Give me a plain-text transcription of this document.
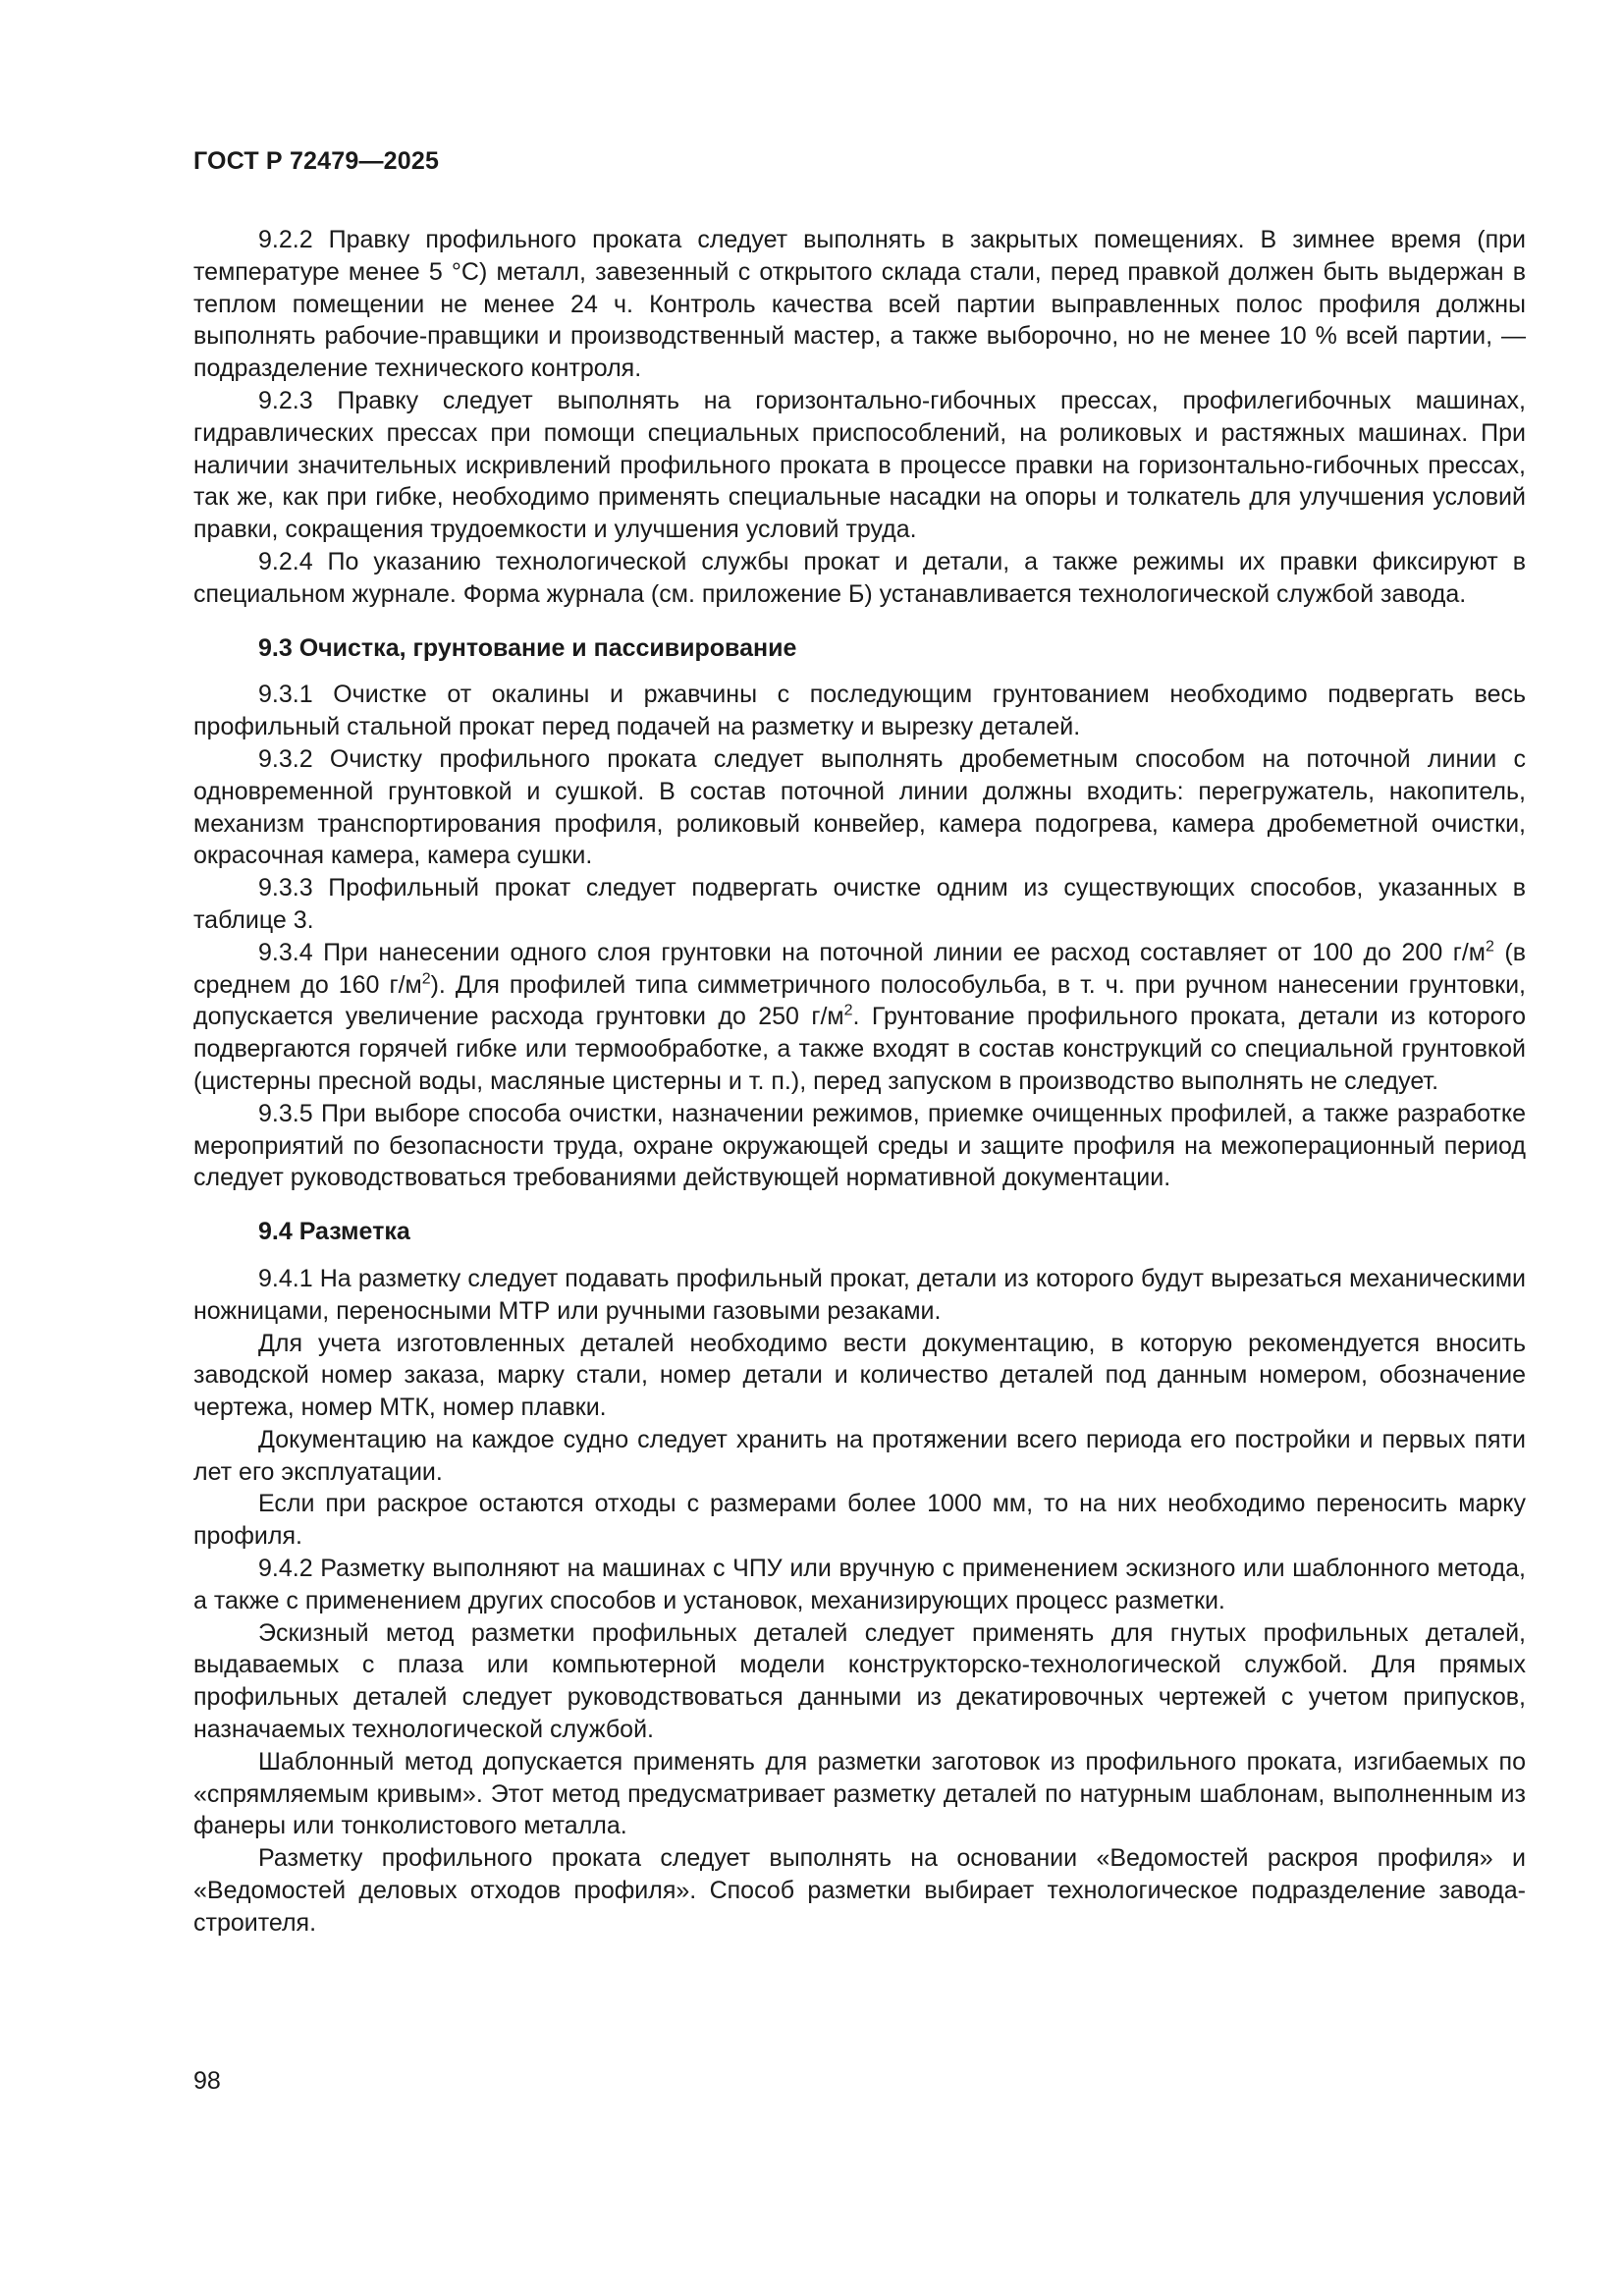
ГОСТ Р 72479—2025

9.2.2 Правку профильного проката следует выполнять в закрытых помещениях. В зимнее время (при температуре менее 5 °С) металл, завезенный с открытого склада стали, перед правкой должен быть выдержан в теплом помещении не менее 24 ч. Контроль качества всей партии выправленных полос профиля должны выполнять рабочие-правщики и производственный мастер, а также выборочно, но не менее 10 % всей партии, — подразделение технического контроля.

9.2.3 Правку следует выполнять на горизонтально-гибочных прессах, профилегибочных машинах, гидравлических прессах при помощи специальных приспособлений, на роликовых и растяжных машинах. При наличии значительных искривлений профильного проката в процессе правки на горизонтально-гибочных прессах, так же, как при гибке, необходимо применять специальные насадки на опоры и толкатель для улучшения условий правки, сокращения трудоемкости и улучшения условий труда.

9.2.4 По указанию технологической службы прокат и детали, а также режимы их правки фиксируют в специальном журнале. Форма журнала (см. приложение Б) устанавливается технологической службой завода.

9.3 Очистка, грунтование и пассивирование

9.3.1 Очистке от окалины и ржавчины с последующим грунтованием необходимо подвергать весь профильный стальной прокат перед подачей на разметку и вырезку деталей.

9.3.2 Очистку профильного проката следует выполнять дробеметным способом на поточной линии с одновременной грунтовкой и сушкой. В состав поточной линии должны входить: перегружатель, накопитель, механизм транспортирования профиля, роликовый конвейер, камера подогрева, камера дробеметной очистки, окрасочная камера, камера сушки.

9.3.3 Профильный прокат следует подвергать очистке одним из существующих способов, указанных в таблице 3.

9.3.4 При нанесении одного слоя грунтовки на поточной линии ее расход составляет от 100 до 200 $г/м^2$ (в среднем до 160 $г/м^2$). Для профилей типа симметричного полособульба, в т. ч. при ручном нанесении грунтовки, допускается увеличение расхода грунтовки до 250 $г/м^2$. Грунтование профильного проката, детали из которого подвергаются горячей гибке или термообработке, а также входят в состав конструкций со специальной грунтовкой (цистерны пресной воды, масляные цистерны и т. п.), перед запуском в производство выполнять не следует.

9.3.5 При выборе способа очистки, назначении режимов, приемке очищенных профилей, а также разработке мероприятий по безопасности труда, охране окружающей среды и защите профиля на межоперационный период следует руководствоваться требованиями действующей нормативной документации.

9.4 Разметка

9.4.1 На разметку следует подавать профильный прокат, детали из которого будут вырезаться механическими ножницами, переносными МТР или ручными газовыми резаками.

Для учета изготовленных деталей необходимо вести документацию, в которую рекомендуется вносить заводской номер заказа, марку стали, номер детали и количество деталей под данным номером, обозначение чертежа, номер МТК, номер плавки.

Документацию на каждое судно следует хранить на протяжении всего периода его постройки и первых пяти лет его эксплуатации.

Если при раскрое остаются отходы с размерами более 1000 мм, то на них необходимо переносить марку профиля.

9.4.2 Разметку выполняют на машинах с ЧПУ или вручную с применением эскизного или шаблонного метода, а также с применением других способов и установок, механизирующих процесс разметки.

Эскизный метод разметки профильных деталей следует применять для гнутых профильных деталей, выдаваемых с плаза или компьютерной модели конструкторско-технологической службой. Для прямых профильных деталей следует руководствоваться данными из декатировочных чертежей с учетом припусков, назначаемых технологической службой.

Шаблонный метод допускается применять для разметки заготовок из профильного проката, изгибаемых по «спрямляемым кривым». Этот метод предусматривает разметку деталей по натурным шаблонам, выполненным из фанеры или тонколистового металла.

Разметку профильного проката следует выполнять на основании «Ведомостей раскроя профиля» и «Ведомостей деловых отходов профиля». Способ разметки выбирает технологическое подразделение завода-строителя.

98
